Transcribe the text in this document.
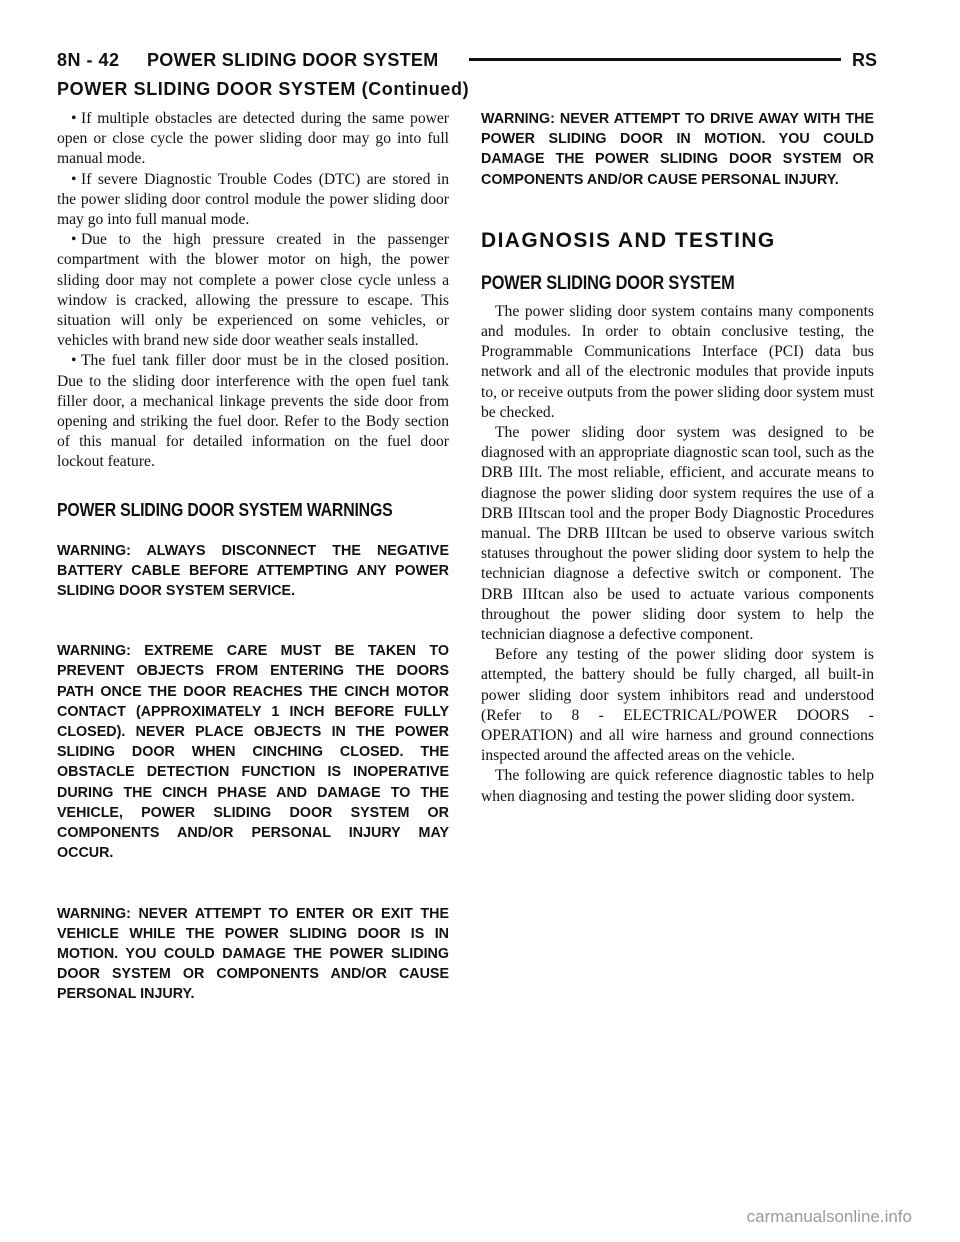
8N - 42 POWER SLIDING DOOR SYSTEM	RS
POWER SLIDING DOOR SYSTEM (Continued)

• If multiple obstacles are detected during the same power open or close cycle the power sliding door may go into full manual mode.

• If severe Diagnostic Trouble Codes (DTC) are stored in the power sliding door control module the power sliding door may go into full manual mode.

• Due to the high pressure created in the passenger compartment with the blower motor on high, the power sliding door may not complete a power close cycle unless a window is cracked, allowing the pressure to escape. This situation will only be experienced on some vehicles, or vehicles with brand new side door weather seals installed.

• The fuel tank filler door must be in the closed position. Due to the sliding door interference with the open fuel tank filler door, a mechanical linkage prevents the side door from opening and striking the fuel door. Refer to the Body section of this manual for detailed information on the fuel door lockout feature.

POWER SLIDING DOOR SYSTEM WARNINGS

WARNING: ALWAYS DISCONNECT THE NEGATIVE BATTERY CABLE BEFORE ATTEMPTING ANY POWER SLIDING DOOR SYSTEM SERVICE.

WARNING: EXTREME CARE MUST BE TAKEN TO PREVENT OBJECTS FROM ENTERING THE DOORS PATH ONCE THE DOOR REACHES THE CINCH MOTOR CONTACT (APPROXIMATELY 1 INCH BEFORE FULLY CLOSED). NEVER PLACE OBJECTS IN THE POWER SLIDING DOOR WHEN CINCHING CLOSED. THE OBSTACLE DETECTION FUNCTION IS INOPERATIVE DURING THE CINCH PHASE AND DAMAGE TO THE VEHICLE, POWER SLIDING DOOR SYSTEM OR COMPONENTS AND/OR PERSONAL INJURY MAY OCCUR.

WARNING: NEVER ATTEMPT TO ENTER OR EXIT THE VEHICLE WHILE THE POWER SLIDING DOOR IS IN MOTION. YOU COULD DAMAGE THE POWER SLIDING DOOR SYSTEM OR COMPONENTS AND/OR CAUSE PERSONAL INJURY.

WARNING: NEVER ATTEMPT TO DRIVE AWAY WITH THE POWER SLIDING DOOR IN MOTION. YOU COULD DAMAGE THE POWER SLIDING DOOR SYSTEM OR COMPONENTS AND/OR CAUSE PERSONAL INJURY.

DIAGNOSIS AND TESTING
POWER SLIDING DOOR SYSTEM

The power sliding door system contains many components and modules. In order to obtain conclusive testing, the Programmable Communications Interface (PCI) data bus network and all of the electronic modules that provide inputs to, or receive outputs from the power sliding door system must be checked.

The power sliding door system was designed to be diagnosed with an appropriate diagnostic scan tool, such as the DRB IIIt. The most reliable, efficient, and accurate means to diagnose the power sliding door system requires the use of a DRB IIItscan tool and the proper Body Diagnostic Procedures manual. The DRB IIItcan be used to observe various switch statuses throughout the power sliding door system to help the technician diagnose a defective switch or component. The DRB IIItcan also be used to actuate various components throughout the power sliding door system to help the technician diagnose a defective component.

Before any testing of the power sliding door system is attempted, the battery should be fully charged, all built-in power sliding door system inhibitors read and understood (Refer to 8 - ELECTRICAL/POWER DOORS - OPERATION) and all wire harness and ground connections inspected around the affected areas on the vehicle.

The following are quick reference diagnostic tables to help when diagnosing and testing the power sliding door system.

carmanualsonline.info
